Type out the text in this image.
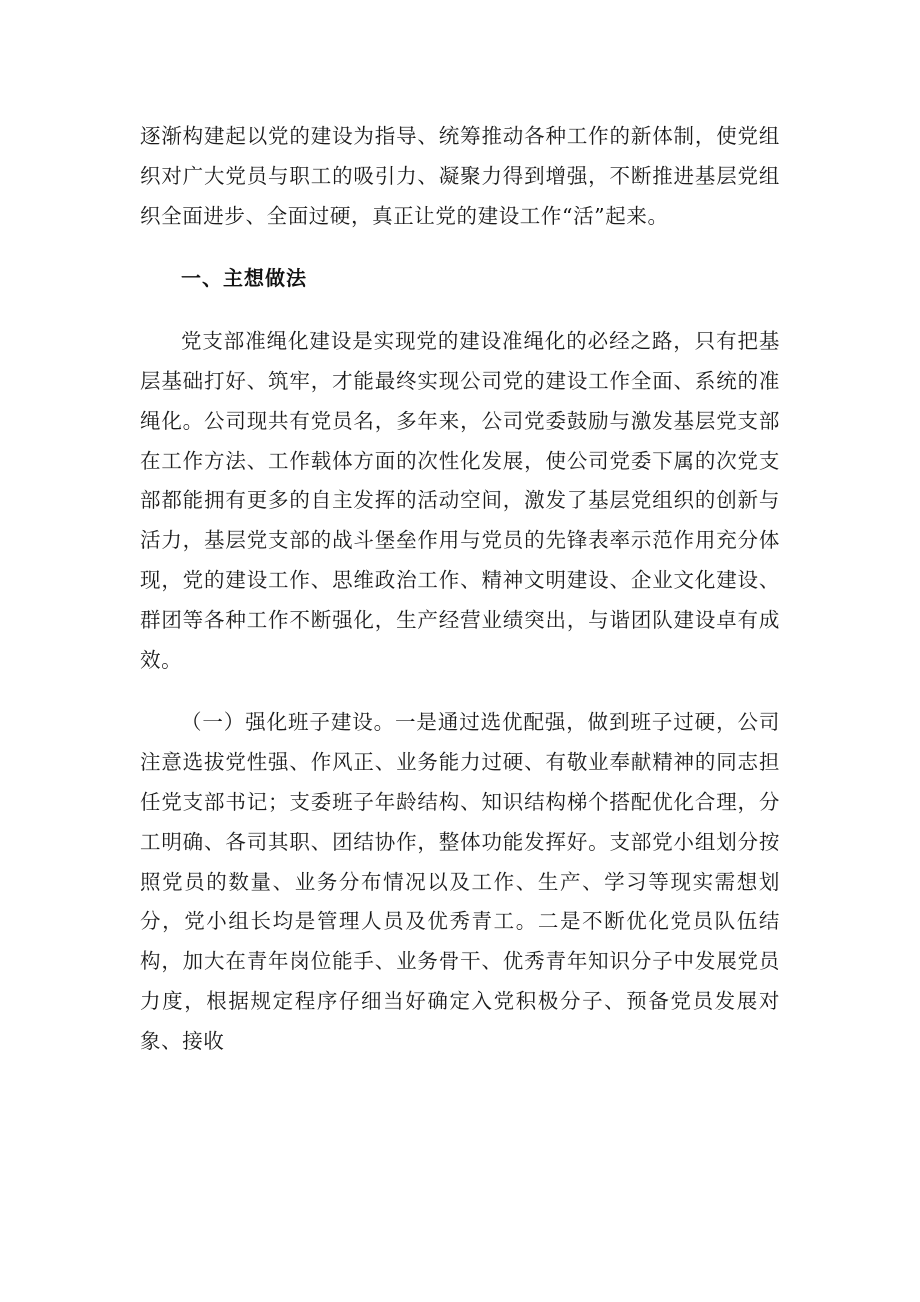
逐渐构建起以党的建设为指导、统筹推动各种工作的新体制，使党组织对广大党员与职工的吸引力、凝聚力得到增强，不断推进基层党组织全面进步、全面过硬，真正让党的建设工作“活”起来。

一、主想做法

党支部准绳化建设是实现党的建设准绳化的必经之路，只有把基层基础打好、筑牢，才能最终实现公司党的建设工作全面、系统的准绳化。公司现共有党员名，多年来，公司党委鼓励与激发基层党支部在工作方法、工作载体方面的次性化发展，使公司党委下属的次党支部都能拥有更多的自主发挥的活动空间，激发了基层党组织的创新与活力，基层党支部的战斗堡垒作用与党员的先锋表率示范作用充分体现，党的建设工作、思维政治工作、精神文明建设、企业文化建设、群团等各种工作不断强化，生产经营业绩突出，与谐团队建设卓有成效。

（一）强化班子建设。一是通过选优配强，做到班子过硬，公司注意选拔党性强、作风正、业务能力过硬、有敬业奉献精神的同志担任党支部书记；支委班子年龄结构、知识结构梯个搭配优化合理，分工明确、各司其职、团结协作，整体功能发挥好。支部党小组划分按照党员的数量、业务分布情况以及工作、生产、学习等现实需想划分，党小组长均是管理人员及优秀青工。二是不断优化党员队伍结构，加大在青年岗位能手、业务骨干、优秀青年知识分子中发展党员力度，根据规定程序仔细当好确定入党积极分子、预备党员发展对象、接收
